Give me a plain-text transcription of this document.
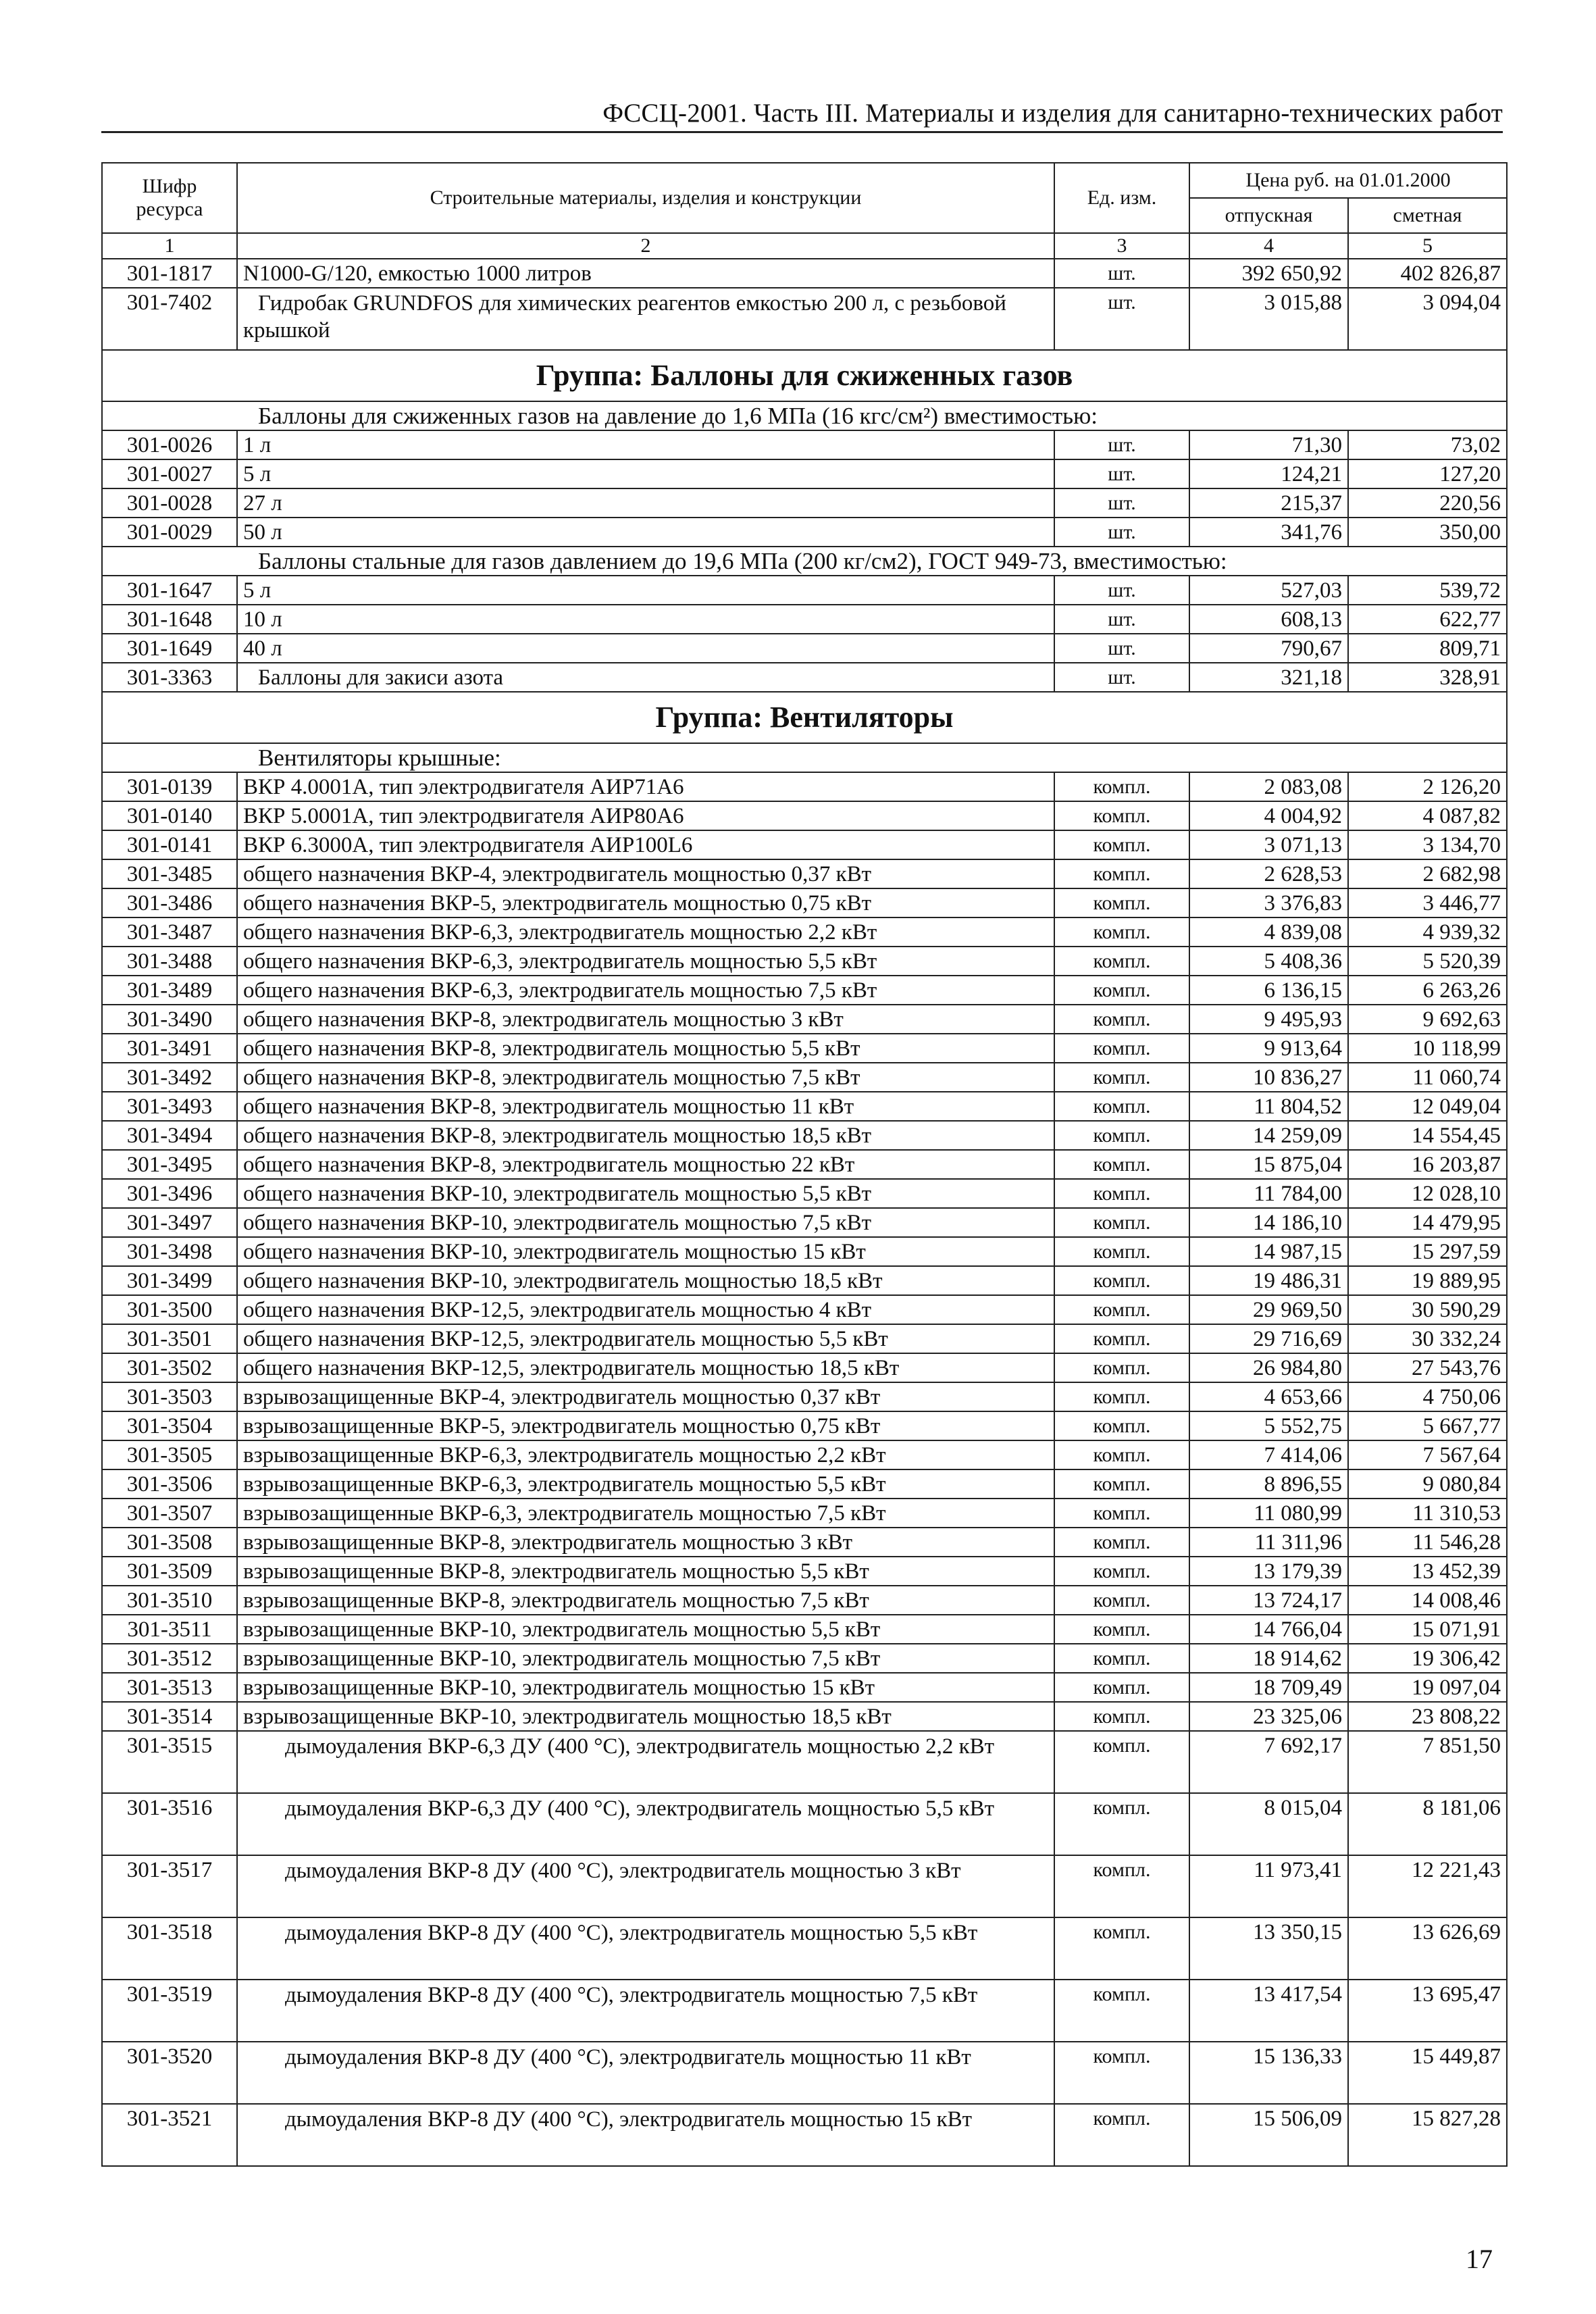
ФССЦ-2001. Часть III. Материалы и изделия для санитарно-технических работ
Шифр ресурса	Строительные материалы, изделия и конструкции	Ед. изм.	Цена руб. на 01.01.2000	
			отпускная	сметная
1	2	3	4	5
301-1817	N1000-G/120, емкостью 1000 литров	шт.	392 650,92	402 826,87
301-7402	Гидробак GRUNDFOS для химических реагентов емкостью 200 л, с резьбовой крышкой	шт.	3 015,88	3 094,04
Группа: Баллоны для сжиженных газов				
Баллоны для сжиженных газов на давление до 1,6 МПа (16 кгс/см²) вместимостью:				
301-0026	1 л	шт.	71,30	73,02
301-0027	5 л	шт.	124,21	127,20
301-0028	27 л	шт.	215,37	220,56
301-0029	50 л	шт.	341,76	350,00
Баллоны стальные для газов давлением до 19,6 МПа (200 кг/см2), ГОСТ 949-73, вместимостью:				
301-1647	5 л	шт.	527,03	539,72
301-1648	10 л	шт.	608,13	622,77
301-1649	40 л	шт.	790,67	809,71
301-3363	Баллоны для закиси азота	шт.	321,18	328,91
Группа: Вентиляторы				
Вентиляторы крышные:				
301-0139	ВКР 4.0001А, тип электродвигателя АИР71А6	компл.	2 083,08	2 126,20
301-0140	ВКР 5.0001А, тип электродвигателя АИР80А6	компл.	4 004,92	4 087,82
301-0141	ВКР 6.3000А, тип электродвигателя АИР100L6	компл.	3 071,13	3 134,70
301-3485	общего назначения ВКР-4, электродвигатель мощностью 0,37 кВт	компл.	2 628,53	2 682,98
301-3486	общего назначения ВКР-5, электродвигатель мощностью 0,75 кВт	компл.	3 376,83	3 446,77
301-3487	общего назначения ВКР-6,3, электродвигатель мощностью 2,2 кВт	компл.	4 839,08	4 939,32
301-3488	общего назначения ВКР-6,3, электродвигатель мощностью 5,5 кВт	компл.	5 408,36	5 520,39
301-3489	общего назначения ВКР-6,3, электродвигатель мощностью 7,5 кВт	компл.	6 136,15	6 263,26
301-3490	общего назначения ВКР-8, электродвигатель мощностью 3 кВт	компл.	9 495,93	9 692,63
301-3491	общего назначения ВКР-8, электродвигатель мощностью 5,5 кВт	компл.	9 913,64	10 118,99
301-3492	общего назначения ВКР-8, электродвигатель мощностью 7,5 кВт	компл.	10 836,27	11 060,74
301-3493	общего назначения ВКР-8, электродвигатель мощностью 11 кВт	компл.	11 804,52	12 049,04
301-3494	общего назначения ВКР-8, электродвигатель мощностью 18,5 кВт	компл.	14 259,09	14 554,45
301-3495	общего назначения ВКР-8, электродвигатель мощностью 22 кВт	компл.	15 875,04	16 203,87
301-3496	общего назначения ВКР-10, электродвигатель мощностью 5,5 кВт	компл.	11 784,00	12 028,10
301-3497	общего назначения ВКР-10, электродвигатель мощностью 7,5 кВт	компл.	14 186,10	14 479,95
301-3498	общего назначения ВКР-10, электродвигатель мощностью 15 кВт	компл.	14 987,15	15 297,59
301-3499	общего назначения ВКР-10, электродвигатель мощностью 18,5 кВт	компл.	19 486,31	19 889,95
301-3500	общего назначения ВКР-12,5, электродвигатель мощностью 4 кВт	компл.	29 969,50	30 590,29
301-3501	общего назначения ВКР-12,5, электродвигатель мощностью 5,5 кВт	компл.	29 716,69	30 332,24
301-3502	общего назначения ВКР-12,5, электродвигатель мощностью 18,5 кВт	компл.	26 984,80	27 543,76
301-3503	взрывозащищенные ВКР-4, электродвигатель мощностью 0,37 кВт	компл.	4 653,66	4 750,06
301-3504	взрывозащищенные ВКР-5, электродвигатель мощностью 0,75 кВт	компл.	5 552,75	5 667,77
301-3505	взрывозащищенные ВКР-6,3, электродвигатель мощностью 2,2 кВт	компл.	7 414,06	7 567,64
301-3506	взрывозащищенные ВКР-6,3, электродвигатель мощностью 5,5 кВт	компл.	8 896,55	9 080,84
301-3507	взрывозащищенные ВКР-6,3, электродвигатель мощностью 7,5 кВт	компл.	11 080,99	11 310,53
301-3508	взрывозащищенные ВКР-8, электродвигатель мощностью 3 кВт	компл.	11 311,96	11 546,28
301-3509	взрывозащищенные ВКР-8, электродвигатель мощностью 5,5 кВт	компл.	13 179,39	13 452,39
301-3510	взрывозащищенные ВКР-8, электродвигатель мощностью 7,5 кВт	компл.	13 724,17	14 008,46
301-3511	взрывозащищенные ВКР-10, электродвигатель мощностью 5,5 кВт	компл.	14 766,04	15 071,91
301-3512	взрывозащищенные ВКР-10, электродвигатель мощностью 7,5 кВт	компл.	18 914,62	19 306,42
301-3513	взрывозащищенные ВКР-10, электродвигатель мощностью 15 кВт	компл.	18 709,49	19 097,04
301-3514	взрывозащищенные ВКР-10, электродвигатель мощностью 18,5 кВт	компл.	23 325,06	23 808,22
301-3515	дымоудаления ВКР-6,3 ДУ (400 °С), электродвигатель мощностью 2,2 кВт	компл.	7 692,17	7 851,50
301-3516	дымоудаления ВКР-6,3 ДУ (400 °С), электродвигатель мощностью 5,5 кВт	компл.	8 015,04	8 181,06
301-3517	дымоудаления ВКР-8 ДУ (400 °С), электродвигатель мощностью 3 кВт	компл.	11 973,41	12 221,43
301-3518	дымоудаления ВКР-8 ДУ (400 °С), электродвигатель мощностью 5,5 кВт	компл.	13 350,15	13 626,69
301-3519	дымоудаления ВКР-8 ДУ (400 °С), электродвигатель мощностью 7,5 кВт	компл.	13 417,54	13 695,47
301-3520	дымоудаления ВКР-8 ДУ (400 °С), электродвигатель мощностью 11 кВт	компл.	15 136,33	15 449,87
301-3521	дымоудаления ВКР-8 ДУ (400 °С), электродвигатель мощностью 15 кВт	компл.	15 506,09	15 827,28
17
